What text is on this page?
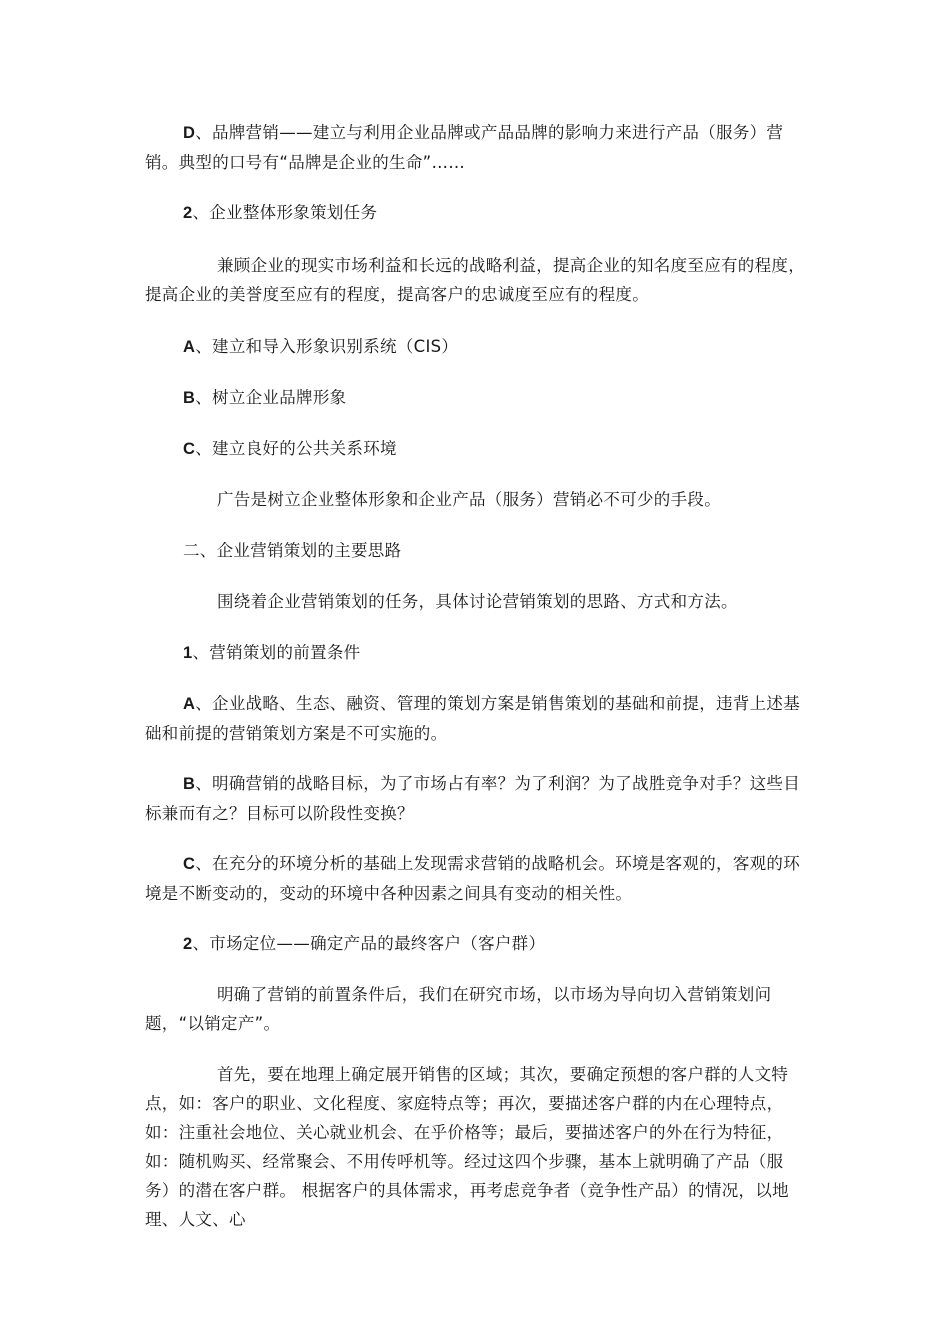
D、品牌营销——建立与利用企业品牌或产品品牌的影响力来进行产品（服务）营销。典型的口号有“品牌是企业的生命”……

2、企业整体形象策划任务

兼顾企业的现实市场利益和长远的战略利益，提高企业的知名度至应有的程度，提高企业的美誉度至应有的程度，提高客户的忠诚度至应有的程度。

A、建立和导入形象识别系统（CIS）

B、树立企业品牌形象

C、建立良好的公共关系环境

广告是树立企业整体形象和企业产品（服务）营销必不可少的手段。

二、企业营销策划的主要思路

围绕着企业营销策划的任务，具体讨论营销策划的思路、方式和方法。

1、营销策划的前置条件

A、企业战略、生态、融资、管理的策划方案是销售策划的基础和前提，违背上述基础和前提的营销策划方案是不可实施的。

B、明确营销的战略目标，为了市场占有率？为了利润？为了战胜竞争对手？这些目标兼而有之？目标可以阶段性变换？

C、在充分的环境分析的基础上发现需求营销的战略机会。环境是客观的，客观的环境是不断变动的，变动的环境中各种因素之间具有变动的相关性。

2、市场定位——确定产品的最终客户（客户群）

明确了营销的前置条件后，我们在研究市场，以市场为导向切入营销策划问题，“以销定产”。

首先，要在地理上确定展开销售的区域；其次，要确定预想的客户群的人文特点，如：客户的职业、文化程度、家庭特点等；再次，要描述客户群的内在心理特点，如：注重社会地位、关心就业机会、在乎价格等；最后，要描述客户的外在行为特征，如：随机购买、经常聚会、不用传呼机等。经过这四个步骤，基本上就明确了产品（服务）的潜在客户群。 根据客户的具体需求，再考虑竞争者（竞争性产品）的情况，以地理、人文、心
